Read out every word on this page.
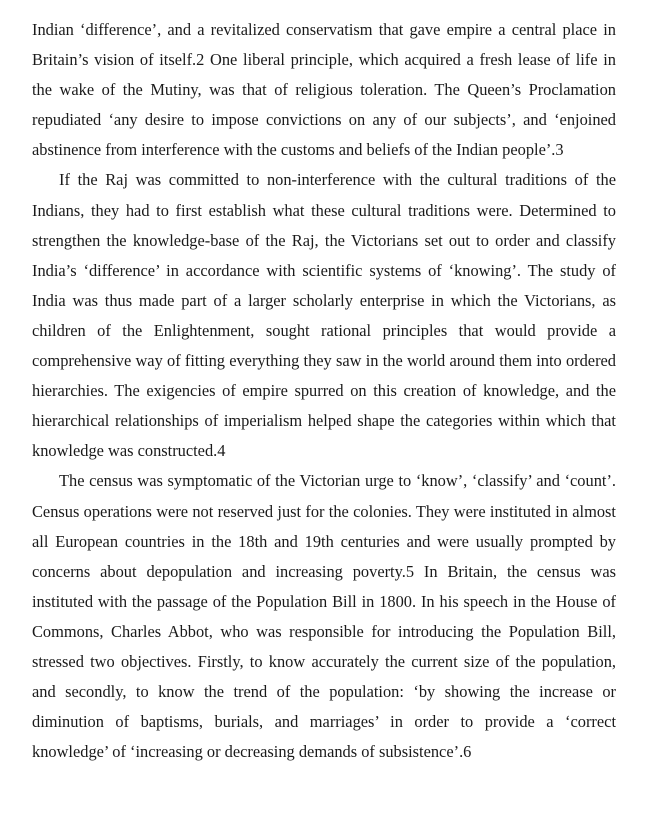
Indian ‘difference’, and a revitalized conservatism that gave empire a central place in Britain’s vision of itself.2 One liberal principle, which acquired a fresh lease of life in the wake of the Mutiny, was that of religious toleration. The Queen’s Proclamation repudiated ‘any desire to impose convictions on any of our subjects’, and ‘enjoined abstinence from interference with the customs and beliefs of the Indian people’.3

If the Raj was committed to non-interference with the cultural traditions of the Indians, they had to first establish what these cultural traditions were. Determined to strengthen the knowledge-base of the Raj, the Victorians set out to order and classify India’s ‘difference’ in accordance with scientific systems of ‘knowing’. The study of India was thus made part of a larger scholarly enterprise in which the Victorians, as children of the Enlightenment, sought rational principles that would provide a comprehensive way of fitting everything they saw in the world around them into ordered hierarchies. The exigencies of empire spurred on this creation of knowledge, and the hierarchical relationships of imperialism helped shape the categories within which that knowledge was constructed.4

The census was symptomatic of the Victorian urge to ‘know’, ‘classify’ and ‘count’. Census operations were not reserved just for the colonies. They were instituted in almost all European countries in the 18th and 19th centuries and were usually prompted by concerns about depopulation and increasing poverty.5 In Britain, the census was instituted with the passage of the Population Bill in 1800. In his speech in the House of Commons, Charles Abbot, who was responsible for introducing the Population Bill, stressed two objectives. Firstly, to know accurately the current size of the population, and secondly, to know the trend of the population: ‘by showing the increase or diminution of baptisms, burials, and marriages’ in order to provide a ‘correct knowledge’ of ‘increasing or decreasing demands of subsistence’.6
